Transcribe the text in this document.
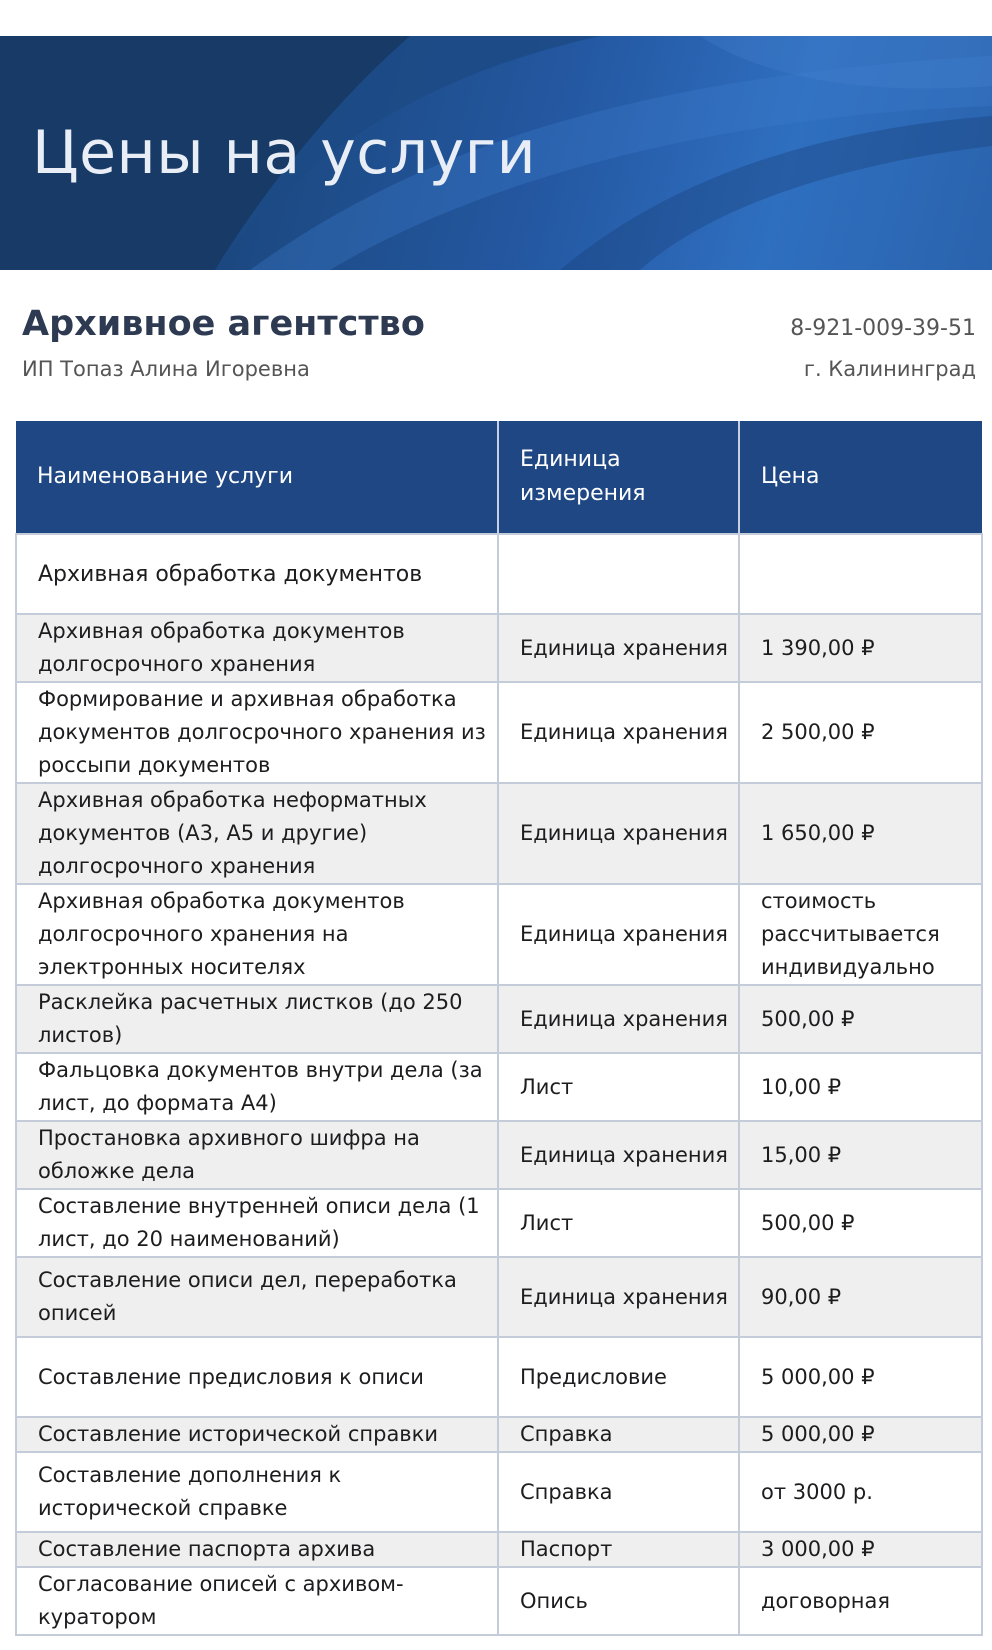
Цены на услуги
Архивное агентство
ИП Топаз Алина Игоревна
8-921-009-39-51
г. Калининград
Наименование услуги	Единица измерения	Цена
Архивная обработка документов		
Архивная обработка документов долгосрочного хранения	Единица хранения	1 390,00 ₽
Формирование и архивная обработка документов долгосрочного хранения из россыпи документов	Единица хранения	2 500,00 ₽
Архивная обработка неформатных документов (А3, А5 и другие) долгосрочного хранения	Единица хранения	1 650,00 ₽
Архивная обработка документов долгосрочного хранения на электронных носителях	Единица хранения	стоимость рассчитывается индивидуально
Расклейка расчетных листков (до 250 листов)	Единица хранения	500,00 ₽
Фальцовка документов внутри дела (за лист, до формата А4)	Лист	10,00 ₽
Простановка архивного шифра на обложке дела	Единица хранения	15,00 ₽
Составление внутренней описи дела (1 лист, до 20 наименований)	Лист	500,00 ₽
Составление описи дел, переработка описей	Единица хранения	90,00 ₽
Составление предисловия к описи	Предисловие	5 000,00 ₽
Составление исторической справки	Справка	5 000,00 ₽
Составление дополнения к исторической справке	Справка	от 3000 р.
Составление паспорта архива	Паспорт	3 000,00 ₽
Согласование описей с архивом-куратором	Опись	договорная
